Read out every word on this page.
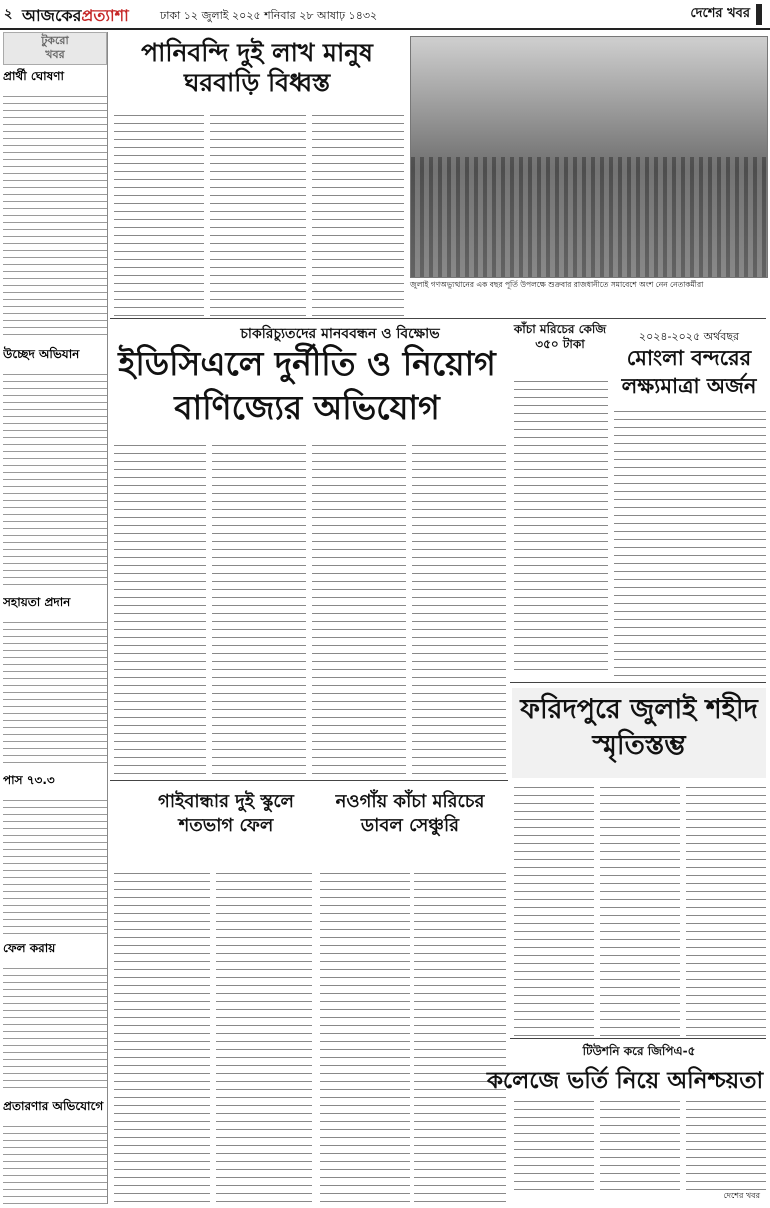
২ আজকেরপ্রত্যাশা	ঢাকা ১২ জুলাই ২০২৫ শনিবার ২৮ আষাঢ় ১৪৩২	দেশের খবর
টুকরো
খবর
প্রার্থী ঘোষণা
উচ্ছেদ অভিযান
সহায়তা প্রদান
পাস ৭৩.৩
ফেল করায়
প্রতারণার অভিযোগে
পানিবন্দি দুই লাখ মানুষ ঘরবাড়ি বিধ্বস্ত
জুলাই গণঅভ্যুত্থানের এক বছর পূর্তি উপলক্ষে শুক্রবার রাজধানীতে সমাবেশে অংশ নেন নেতাকর্মীরা
চাকরিচ্যুতদের মানববন্ধন ও বিক্ষোভ
ইডিসিএলে দুর্নীতি ও নিয়োগ বাণিজ্যের অভিযোগ
কাঁচা মরিচের কেজি
৩৫০ টাকা
২০২৪-২০২৫ অর্থবছর
মোংলা বন্দরের লক্ষ্যমাত্রা অর্জন
ফরিদপুরে জুলাই শহীদ স্মৃতিস্তম্ভ
গাইবান্ধার দুই স্কুলে শতভাগ ফেল
নওগাঁয় কাঁচা মরিচের ডাবল সেঞ্চুরি
টিউশনি করে জিপিএ-৫
কলেজে ভর্তি নিয়ে অনিশ্চয়তা
দেশের খবর
